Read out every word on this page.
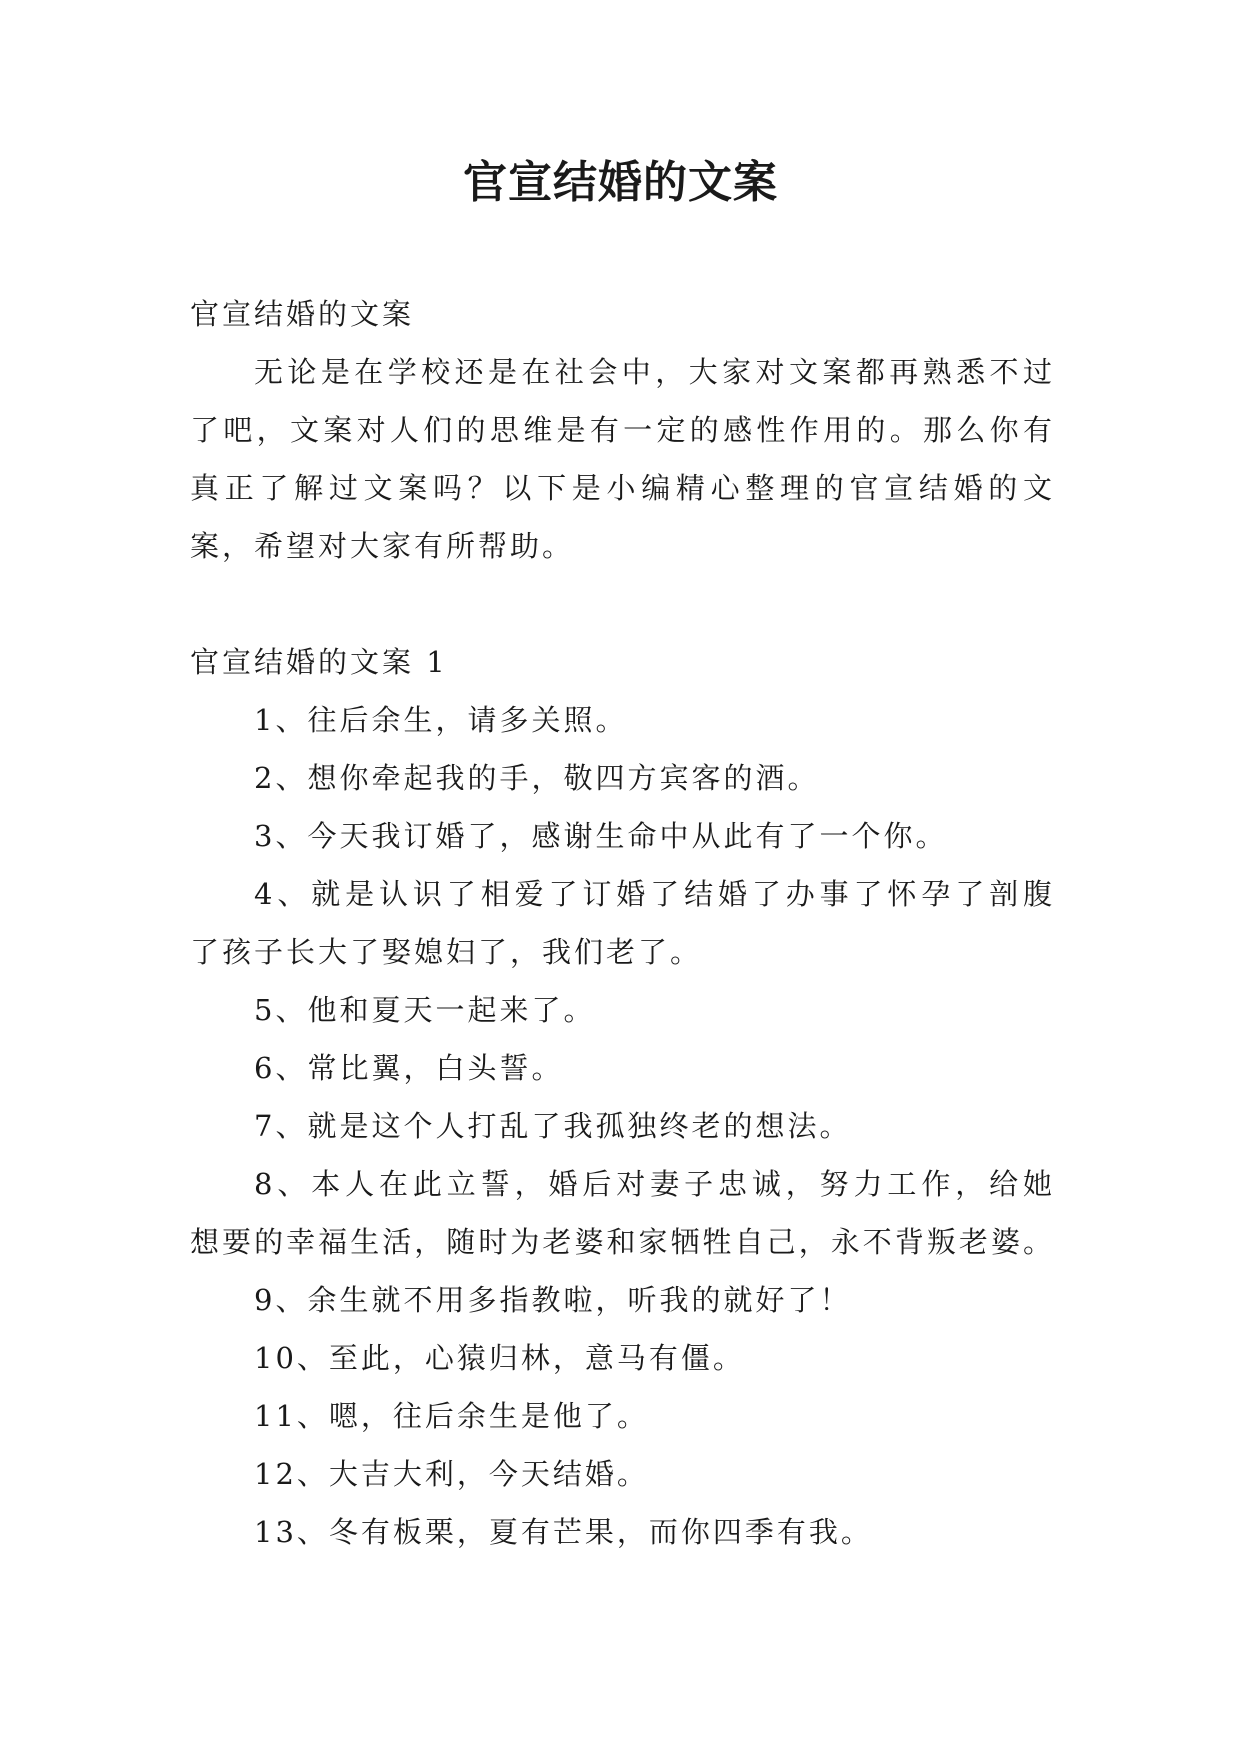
官宣结婚的文案
官宣结婚的文案
无论是在学校还是在社会中，大家对文案都再熟悉不过
了吧，文案对人们的思维是有一定的感性作用的。那么你有
真正了解过文案吗？以下是小编精心整理的官宣结婚的文
案，希望对大家有所帮助。
官宣结婚的文案 1
1、往后余生，请多关照。
2、想你牵起我的手，敬四方宾客的酒。
3、今天我订婚了，感谢生命中从此有了一个你。
4、就是认识了相爱了订婚了结婚了办事了怀孕了剖腹
了孩子长大了娶媳妇了，我们老了。
5、他和夏天一起来了。
6、常比翼，白头誓。
7、就是这个人打乱了我孤独终老的想法。
8、本人在此立誓，婚后对妻子忠诚，努力工作，给她
想要的幸福生活，随时为老婆和家牺牲自己，永不背叛老婆。
9、余生就不用多指教啦，听我的就好了！
10、至此，心猿归林，意马有僵。
11、嗯，往后余生是他了。
12、大吉大利，今天结婚。
13、冬有板栗，夏有芒果，而你四季有我。
